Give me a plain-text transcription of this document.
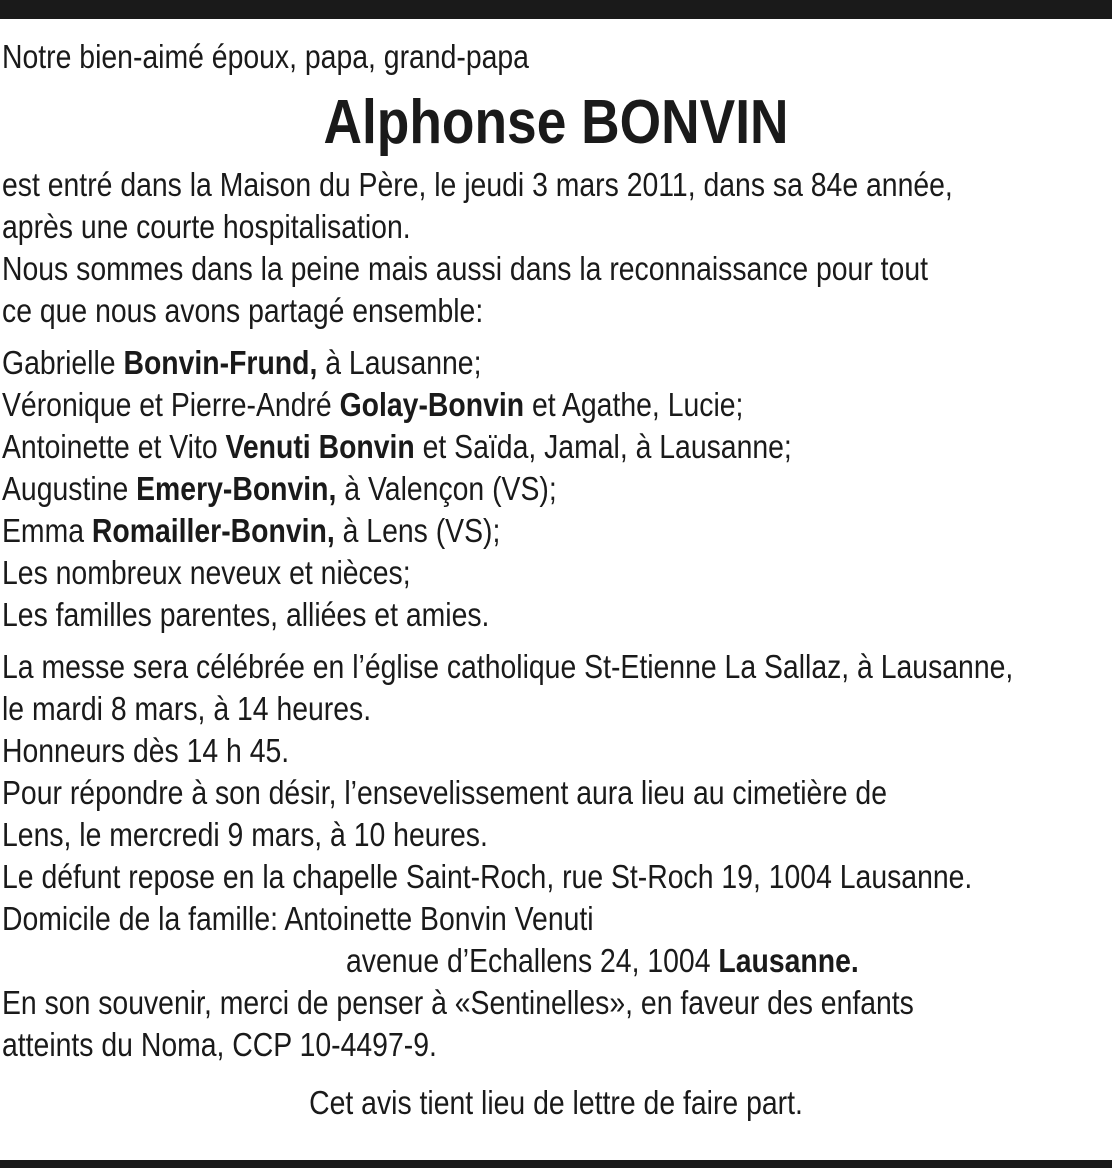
Notre bien-aimé époux, papa, grand-papa
Alphonse BONVIN
est entré dans la Maison du Père, le jeudi 3 mars 2011, dans sa 84e année,
après une courte hospitalisation.
Nous sommes dans la peine mais aussi dans la reconnaissance pour tout
ce que nous avons partagé ensemble:
Gabrielle Bonvin-Frund, à Lausanne;
Véronique et Pierre-André Golay-Bonvin et Agathe, Lucie;
Antoinette et Vito Venuti Bonvin et Saïda, Jamal, à Lausanne;
Augustine Emery-Bonvin, à Valençon (VS);
Emma Romailler-Bonvin, à Lens (VS);
Les nombreux neveux et nièces;
Les familles parentes, alliées et amies.
La messe sera célébrée en l’église catholique St-Etienne La Sallaz, à Lausanne,
le mardi 8 mars, à 14 heures.
Honneurs dès 14 h 45.
Pour répondre à son désir, l’ensevelissement aura lieu au cimetière de
Lens, le mercredi 9 mars, à 10 heures.
Le défunt repose en la chapelle Saint-Roch, rue St-Roch 19, 1004 Lausanne.
Domicile de la famille: Antoinette Bonvin Venuti
avenue d’Echallens 24, 1004 Lausanne.
En son souvenir, merci de penser à «Sentinelles», en faveur des enfants
atteints du Noma, CCP 10-4497-9.
Cet avis tient lieu de lettre de faire part.
